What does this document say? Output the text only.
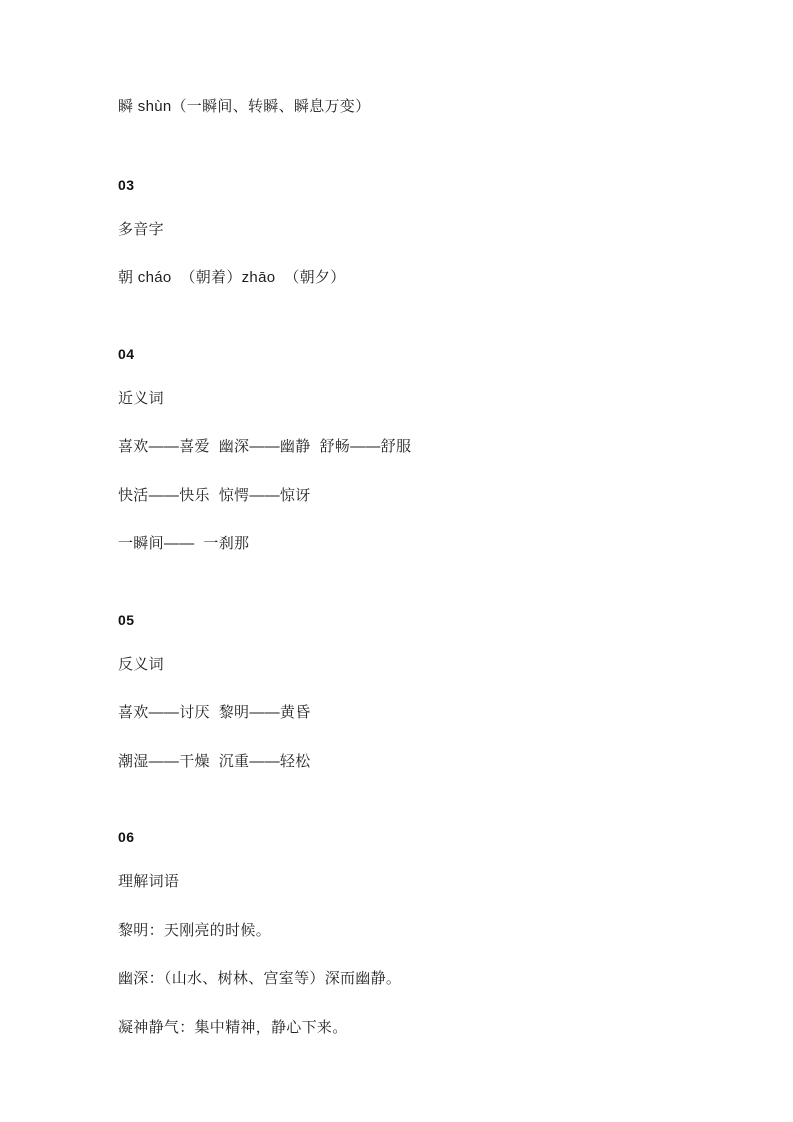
瞬 shùn（一瞬间、转瞬、瞬息万变）
03
多音字
朝 cháo  （朝着）zhāo  （朝夕）
04
近义词
喜欢——喜爱  幽深——幽静  舒畅——舒服
快活——快乐  惊愕——惊讶
一瞬间——  一刹那
05
反义词
喜欢——讨厌  黎明——黄昏
潮湿——干燥  沉重——轻松
06
理解词语
黎明：天刚亮的时候。
幽深：（山水、树林、宫室等）深而幽静。
凝神静气：集中精神，静心下来。
